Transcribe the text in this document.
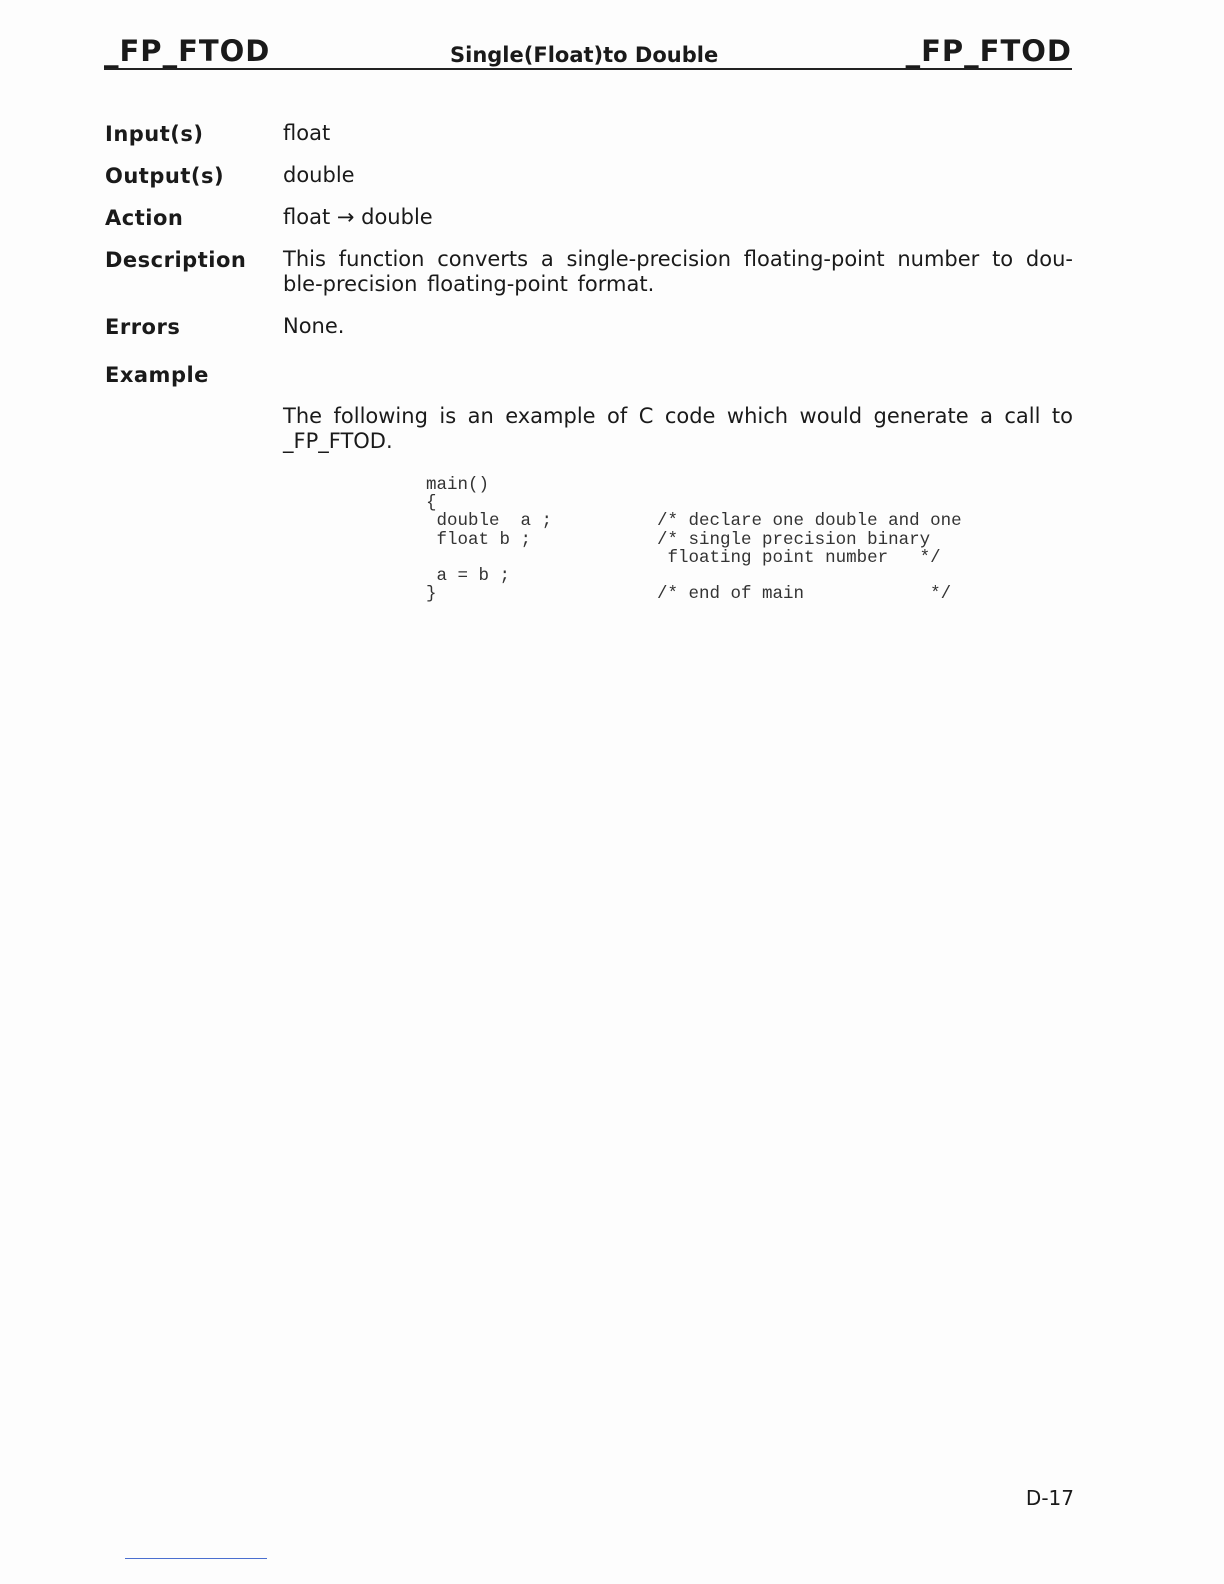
_FP_FTOD	Single(Float)to Double	_FP_FTOD
Input(s)	float
Output(s)	double
Action	float → double
Description This function converts a single-precision floating-point number to dou-ble-precision floating-point format.
Errors	None.
Example
The following is an example of C code which would generate a call to _FP_FTOD.
main()
{
double  a ;          /* declare one double and one
float b ;            /* single precision binary
floating point number   */
a = b ;
}                     /* end of main            */
D-17
